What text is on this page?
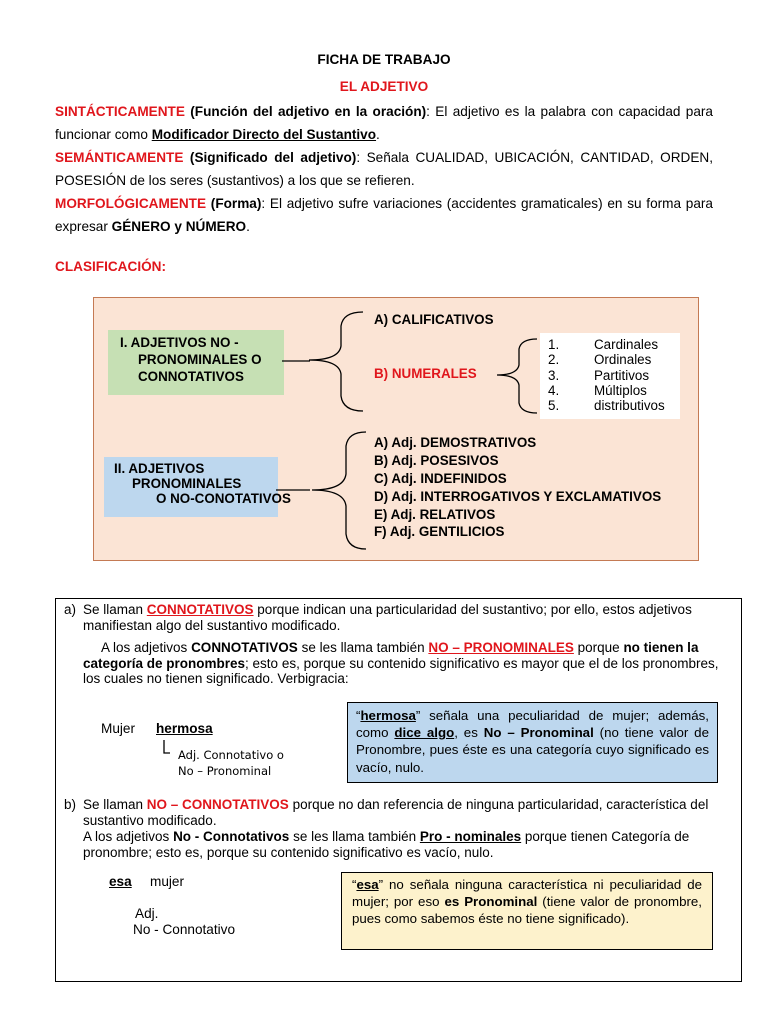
FICHA DE TRABAJO
EL ADJETIVO
SINTÁCTICAMENTE (Función del adjetivo en la oración): El adjetivo es la palabra con capacidad para funcionar como Modificador Directo del Sustantivo.
SEMÁNTICAMENTE (Significado del adjetivo): Señala CUALIDAD, UBICACIÓN, CANTIDAD, ORDEN, POSESIÓN de los seres (sustantivos) a los que se refieren.
MORFOLÓGICAMENTE (Forma): El adjetivo sufre variaciones (accidentes gramaticales) en su forma para expresar GÉNERO y NÚMERO.
CLASIFICACIÓN:
I. ADJETIVOS NO -
PRONOMINALES O
CONNOTATIVOS
II. ADJETIVOS
PRONOMINALES
O NO-CONOTATIVOS
A) CALIFICATIVOS
B) NUMERALES
1.	Cardinales
2.	Ordinales
3.	Partitivos
4.	Múltiplos
5.	distributivos
A) Adj. DEMOSTRATIVOS
B) Adj. POSESIVOS
C) Adj. INDEFINIDOS
D) Adj. INTERROGATIVOS Y EXCLAMATIVOS
E) Adj. RELATIVOS
F) Adj. GENTILICIOS
a) Se llaman CONNOTATIVOS porque indican una particularidad del sustantivo; por ello, estos adjetivos manifiestan algo del sustantivo modificado.
A los adjetivos CONNOTATIVOS se les llama también NO – PRONOMINALES porque no tienen la categoría de pronombres; esto es, porque su contenido significativo es mayor que el de los pronombres, los cuales no tienen significado. Verbigracia:
Mujer hermosa
Adj. Connotativo o
No – Pronominal
“hermosa” señala una peculiaridad de mujer; además, como dice algo, es No – Pronominal (no tiene valor de Pronombre, pues éste es una categoría cuyo significado es vacío, nulo.
b) Se llaman NO – CONNOTATIVOS porque no dan referencia de ninguna particularidad, característica del sustantivo modificado.
A los adjetivos No - Connotativos se les llama también Pro - nominales porque tienen Categoría de pronombre; esto es, porque su contenido significativo es vacío, nulo.
esa mujer
Adj.
No - Connotativo
“esa” no señala ninguna característica ni peculiaridad de mujer; por eso es Pronominal (tiene valor de pronombre, pues como sabemos éste no tiene significado).
